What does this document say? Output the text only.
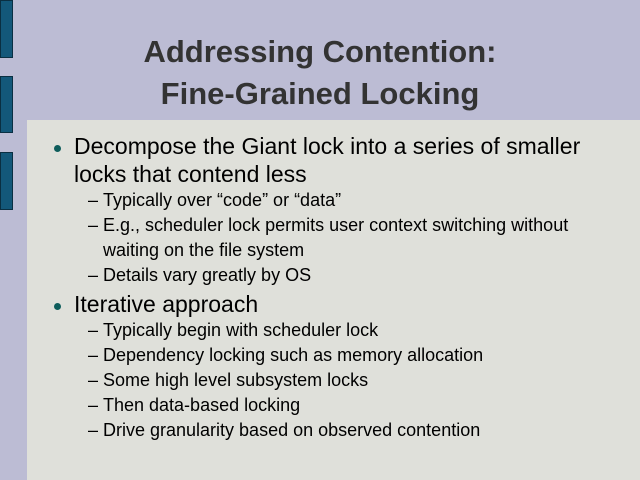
Addressing Contention:
Fine-Grained Locking
Decompose the Giant lock into a series of smaller locks that contend less
– Typically over “code” or “data”
– E.g., scheduler lock permits user context switching without waiting on the file system
– Details vary greatly by OS
Iterative approach
– Typically begin with scheduler lock
– Dependency locking such as memory allocation
– Some high level subsystem locks
– Then data-based locking
– Drive granularity based on observed contention
